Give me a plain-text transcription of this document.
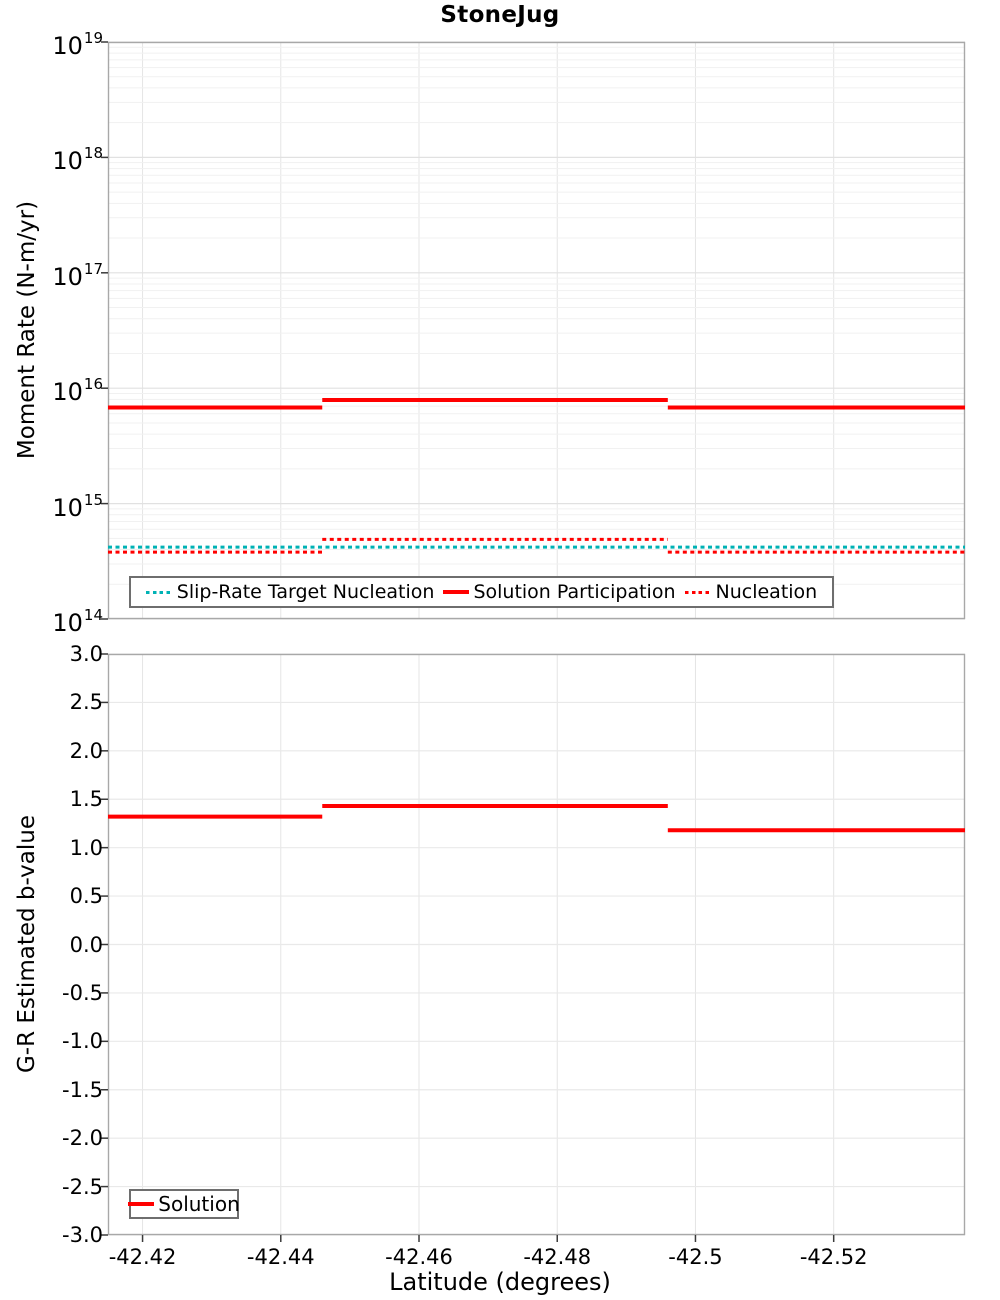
StoneJug
Moment Rate (N-m/yr)
G-R Estimated b-value
Latitude (degrees)
$10^{19}$
$10^{18}$
$10^{17}$
$10^{16}$
$10^{15}$
$10^{14}$
3.0
2.5
2.0
1.5
1.0
0.5
0.0
-0.5
-1.0
-1.5
-2.0
-2.5
-3.0
-42.42	-42.44	-42.46	-42.48	-42.5	-42.52
Slip-Rate Target Nucleation Solution Participation Nucleation
Solution
